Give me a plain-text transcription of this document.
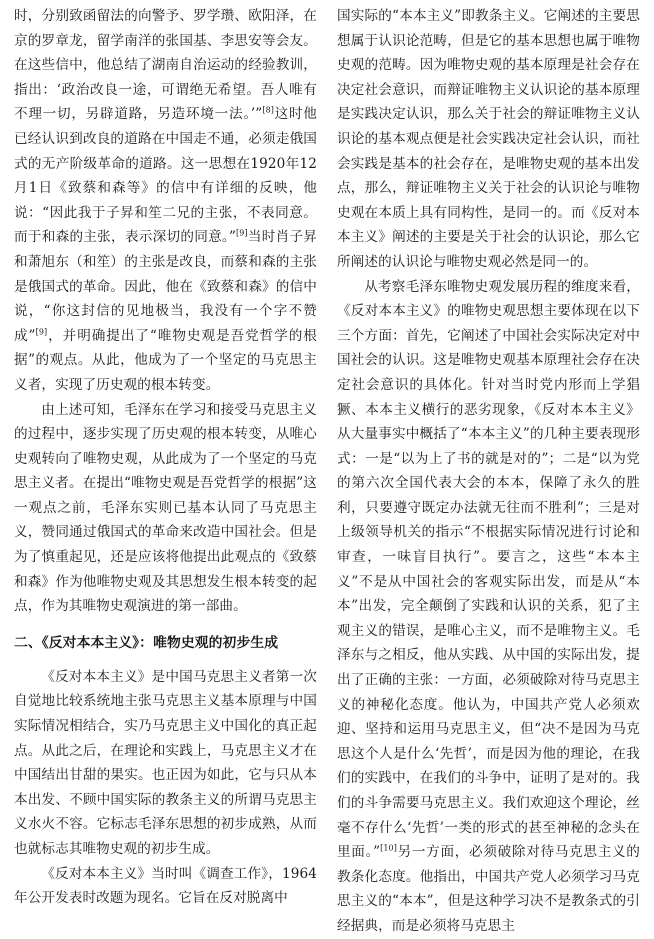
时，分别致函留法的向警予、罗学瓒、欧阳泽，在京的罗章龙，留学南洋的张国基、李思安等会友。在这些信中，他总结了湖南自治运动的经验教训，指出：‘政治改良一途，可谓绝无希望。吾人唯有不理一切，另辟道路，另造环境一法。’”[8]这时他已经认识到改良的道路在中国走不通，必须走俄国式的无产阶级革命的道路。这一思想在1920年12月1日《致蔡和森等》的信中有详细的反映，他说：“因此我于子昇和笙二兄的主张，不表同意。而于和森的主张，表示深切的同意。”[9]当时肖子昇和萧旭东（和笙）的主张是改良，而蔡和森的主张是俄国式的革命。因此，他在《致蔡和森》的信中说，“你这封信的见地极当，我没有一个字不赞成”[9]，并明确提出了“唯物史观是吾党哲学的根据”的观点。从此，他成为了一个坚定的马克思主义者，实现了历史观的根本转变。

由上述可知，毛泽东在学习和接受马克思主义的过程中，逐步实现了历史观的根本转变，从唯心史观转向了唯物史观，从此成为了一个坚定的马克思主义者。在提出“唯物史观是吾党哲学的根据”这一观点之前，毛泽东实则已基本认同了马克思主义，赞同通过俄国式的革命来改造中国社会。但是为了慎重起见，还是应该将他提出此观点的《致蔡和森》作为他唯物史观及其思想发生根本转变的起点，作为其唯物史观演进的第一部曲。

二、《反对本本主义》：唯物史观的初步生成

《反对本本主义》是中国马克思主义者第一次自觉地比较系统地主张马克思主义基本原理与中国实际情况相结合，实乃马克思主义中国化的真正起点。从此之后，在理论和实践上，马克思主义才在中国结出甘甜的果实。也正因为如此，它与只从本本出发、不顾中国实际的教条主义的所谓马克思主义水火不容。它标志毛泽东思想的初步成熟，从而也就标志其唯物史观的初步生成。

《反对本本主义》当时叫《调查工作》，1964年公开发表时改题为现名。它旨在反对脱离中

国实际的“本本主义”即教条主义。它阐述的主要思想属于认识论范畴，但是它的基本思想也属于唯物史观的范畴。因为唯物史观的基本原理是社会存在决定社会意识，而辩证唯物主义认识论的基本原理是实践决定认识，那么关于社会的辩证唯物主义认识论的基本观点便是社会实践决定社会认识，而社会实践是基本的社会存在，是唯物史观的基本出发点，那么，辩证唯物主义关于社会的认识论与唯物史观在本质上具有同构性，是同一的。而《反对本本主义》阐述的主要是关于社会的认识论，那么它所阐述的认识论与唯物史观必然是同一的。

从考察毛泽东唯物史观发展历程的维度来看，《反对本本主义》的唯物史观思想主要体现在以下三个方面：首先，它阐述了中国社会实际决定对中国社会的认识。这是唯物史观基本原理社会存在决定社会意识的具体化。针对当时党内形而上学猖獗、本本主义横行的恶劣现象，《反对本本主义》从大量事实中概括了“本本主义”的几种主要表现形式：一是“以为上了书的就是对的”；二是“以为党的第六次全国代表大会的本本，保障了永久的胜利，只要遵守既定办法就无往而不胜利”；三是对上级领导机关的指示“不根据实际情况进行讨论和审查，一味盲目执行”。要言之，这些“本本主义”不是从中国社会的客观实际出发，而是从“本本”出发，完全颠倒了实践和认识的关系，犯了主观主义的错误，是唯心主义，而不是唯物主义。毛泽东与之相反，他从实践、从中国的实际出发，提出了正确的主张：一方面，必须破除对待马克思主义的神秘化态度。他认为，中国共产党人必须欢迎、坚持和运用马克思主义，但“决不是因为马克思这个人是什么‘先哲’，而是因为他的理论，在我们的实践中，在我们的斗争中，证明了是对的。我们的斗争需要马克思主义。我们欢迎这个理论，丝毫不存什么‘先哲’一类的形式的甚至神秘的念头在里面。”[10]另一方面，必须破除对待马克思主义的教条化态度。他指出，中国共产党人必须学习马克思主义的“本本”，但是这种学习决不是教条式的引经据典，而是必须将马克思主
